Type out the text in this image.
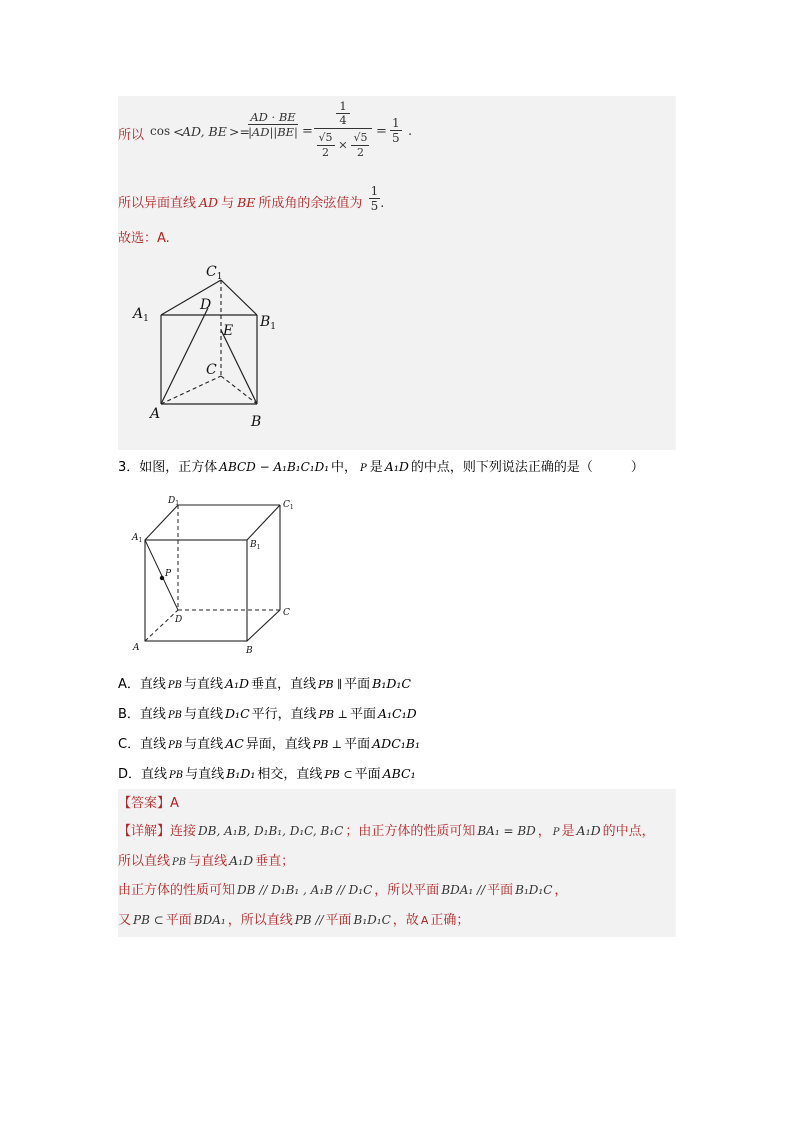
所以 cos <
AD, BE >=
$\frac{AD \cdot BE}{|AD||BE|}$ =
1
4
$\frac{√5}{2} \times \frac{√5}{2} = \frac{1}{5}$ .
所以异面直线 AD 与 BE 所成角的余弦值为 $\frac{1}{5}$ .
故选：A.
$C_1$
$A_1$	$B_1$
D
E
C
A	B
3．如图，正方体 ABCD − A₁B₁C₁D₁ 中， P 是 A₁D 的中点，则下列说法正确的是（	）
$D_1$	$C_1$
$A_1$	$B_1$
P
D
C
A	B
A．直线 PB 与直线 A₁D 垂直，直线 PB ∥ 平面 B₁D₁C
B．直线 PB 与直线 D₁C 平行，直线 PB ⊥ 平面 A₁C₁D
C．直线 PB 与直线 AC 异面，直线 PB ⊥ 平面 ADC₁B₁
D．直线 PB 与直线 B₁D₁ 相交，直线 PB ⊂ 平面 ABC₁
【答案】A
【详解】连接 DB, A₁B, D₁B₁, D₁C, B₁C ；由正方体的性质可知 BA₁ = BD ， P 是 A₁D 的中点，
所以直线 PB 与直线 A₁D 垂直；
由正方体的性质可知 DB // D₁B₁ , A₁B // D₁C ，所以平面 BDA₁ // 平面 B₁D₁C ，
又 PB ⊂ 平面 BDA₁ ，所以直线 PB // 平面 B₁D₁C ，故 A 正确；
